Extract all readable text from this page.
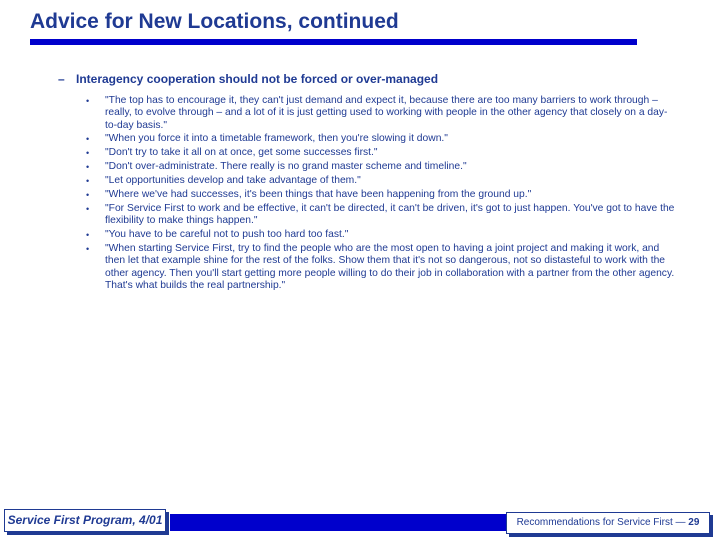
Advice for New Locations, continued
– Interagency cooperation should not be forced or over-managed
• "The top has to encourage it, they can't just demand and expect it, because there are too many barriers to work through – really, to evolve through – and a lot of it is just getting used to working with people in the other agency that closely on a day-to-day basis."
• "When you force it into a timetable framework, then you're slowing it down."
• "Don't try to take it all on at once, get some successes first."
• "Don't over-administrate. There really is no grand master scheme and timeline."
• "Let opportunities develop and take advantage of them."
• "Where we've had successes, it's been things that have been happening from the ground up."
• "For Service First to work and be effective, it can't be directed, it can't be driven, it's got to just happen. You've got to have the flexibility to make things happen."
• "You have to be careful not to push too hard too fast."
• "When starting Service First, try to find the people who are the most open to having a joint project and making it work, and then let that example shine for the rest of the folks. Show them that it's not so dangerous, not so distasteful to work with the other agency. Then you'll start getting more people willing to do their job in collaboration with a partner from the other agency. That's what builds the real partnership."
Service First Program, 4/01	Recommendations for Service First — 29
